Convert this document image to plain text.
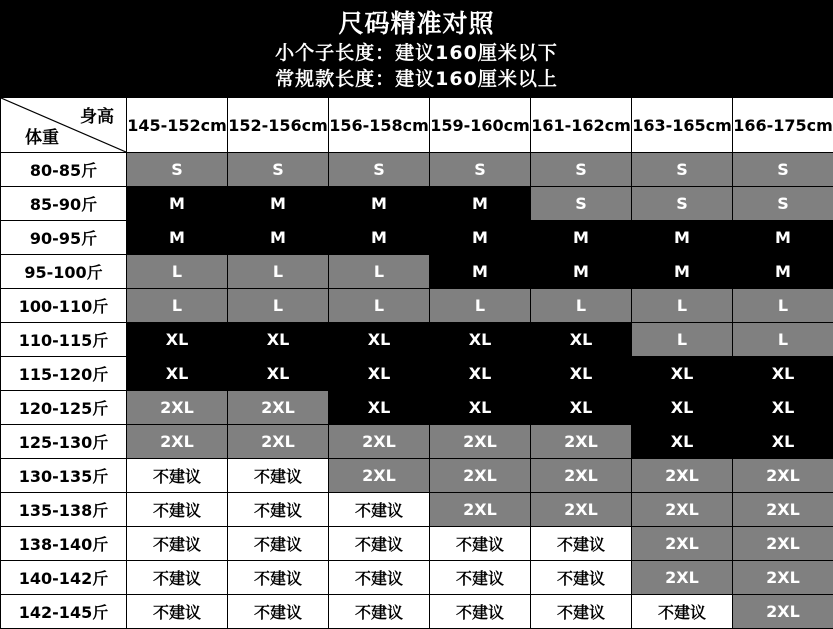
尺码精准对照
小个子长度：建议160厘米以下
常规款长度：建议160厘米以上
身高
体重	145-152cm	152-156cm	156-158cm	159-160cm	161-162cm	163-165cm	166-175cm
80-85斤	S	S	S	S	S	S	S
85-90斤	M	M	M	M	S	S	S
90-95斤	M	M	M	M	M	M	M
95-100斤	L	L	L	M	M	M	M
100-110斤	L	L	L	L	L	L	L
110-115斤	XL	XL	XL	XL	XL	L	L
115-120斤	XL	XL	XL	XL	XL	XL	XL
120-125斤	2XL	2XL	XL	XL	XL	XL	XL
125-130斤	2XL	2XL	2XL	2XL	2XL	XL	XL
130-135斤	不建议	不建议	2XL	2XL	2XL	2XL	2XL
135-138斤	不建议	不建议	不建议	2XL	2XL	2XL	2XL
138-140斤	不建议	不建议	不建议	不建议	不建议	2XL	2XL
140-142斤	不建议	不建议	不建议	不建议	不建议	2XL	2XL
142-145斤	不建议	不建议	不建议	不建议	不建议	不建议	2XL
